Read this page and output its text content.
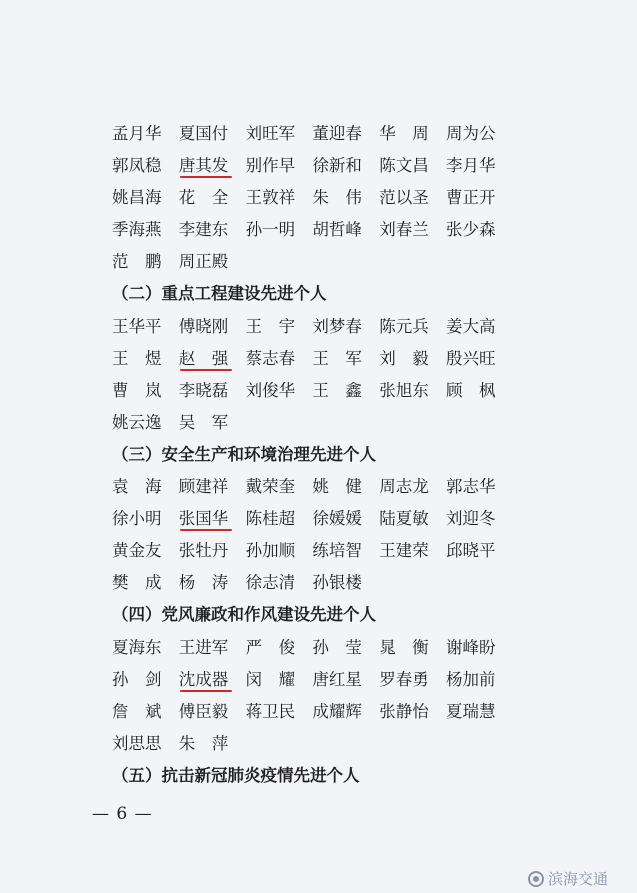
孟月华	夏国付	刘旺军	董迎春	华　周	周为公
郭凤稳	唐其发	别作早	徐新和	陈文昌	李月华
姚昌海	花　全	王敦祥	朱　伟	范以圣	曹正开
季海燕	李建东	孙一明	胡哲峰	刘春兰	张少森
范　鹏	周正殿
（二）重点工程建设先进个人
王华平	傅晓刚	王　宇	刘梦春	陈元兵	姜大高
王　煜	赵　强	蔡志春	王　军	刘　毅	殷兴旺
曹　岚	李晓磊	刘俊华	王　鑫	张旭东	顾　枫
姚云逸	吴　军
（三）安全生产和环境治理先进个人
袁　海	顾建祥	戴荣奎	姚　健	周志龙	郭志华
徐小明	张国华	陈桂超	徐媛媛	陆夏敏	刘迎冬
黄金友	张牡丹	孙加顺	练培智	王建荣	邱晓平
樊　成	杨　涛	徐志清	孙银楼
（四）党风廉政和作风建设先进个人
夏海东	王进军	严　俊	孙　莹	晁　衡	谢峰盼
孙　剑	沈成器	闵　耀	唐红星	罗春勇	杨加前
詹　斌	傅臣毅	蒋卫民	成耀辉	张静怡	夏瑞慧
刘思思	朱　萍
（五）抗击新冠肺炎疫情先进个人
— 6 —
滨海交通
